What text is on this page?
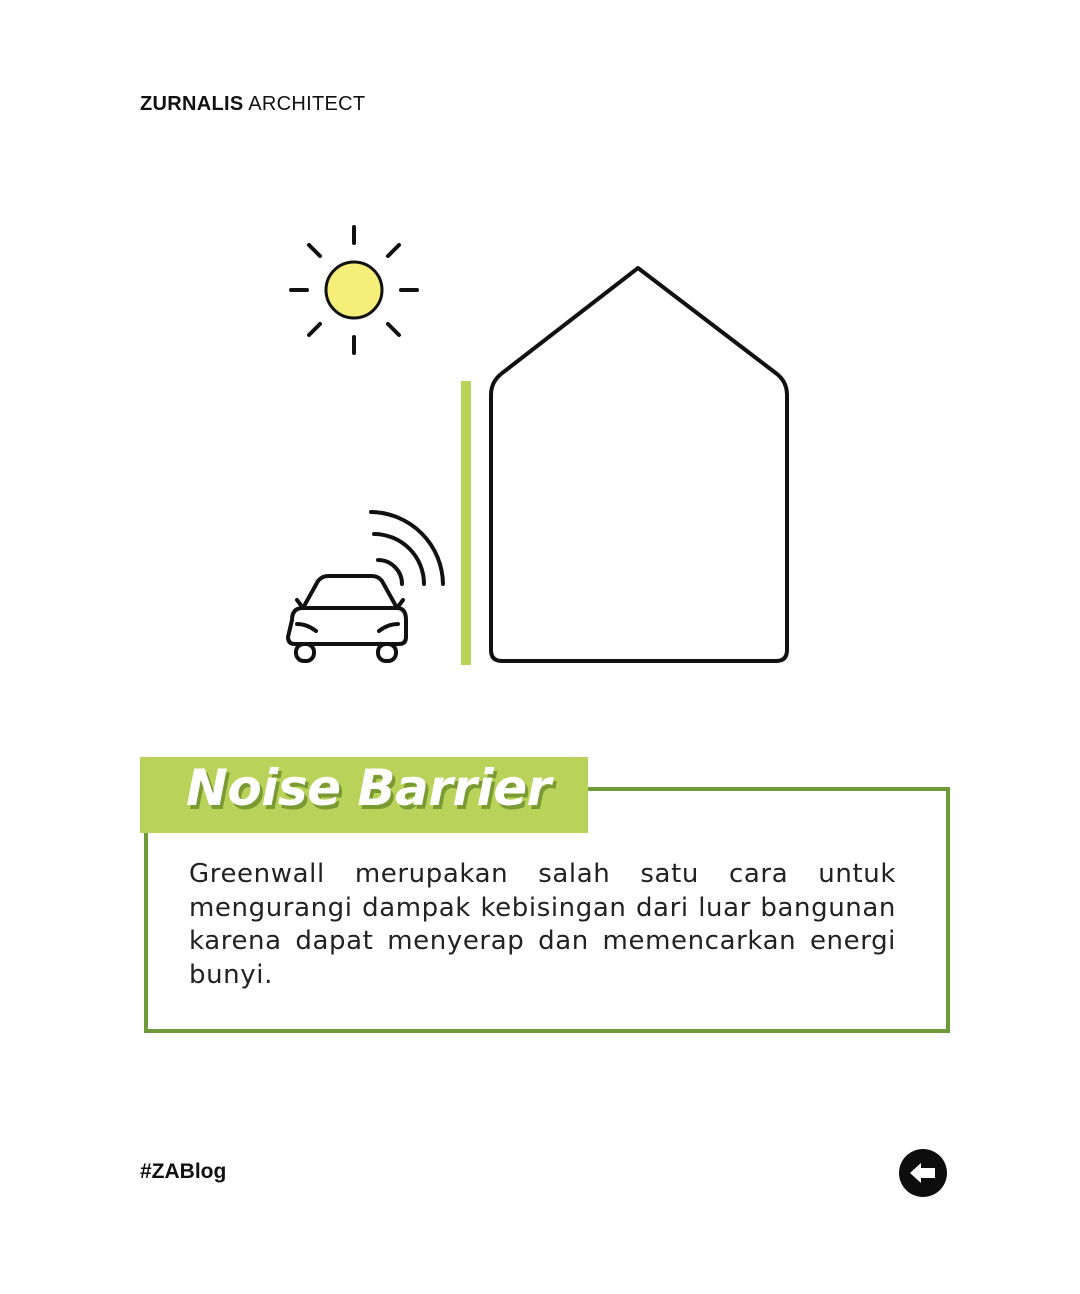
ZURNALIS ARCHITECT
Noise Barrier

Greenwall merupakan salah satu cara untuk mengurangi dampak kebisingan dari luar bangunan karena dapat menyerap dan memencarkan energi bunyi.

#ZABlog
